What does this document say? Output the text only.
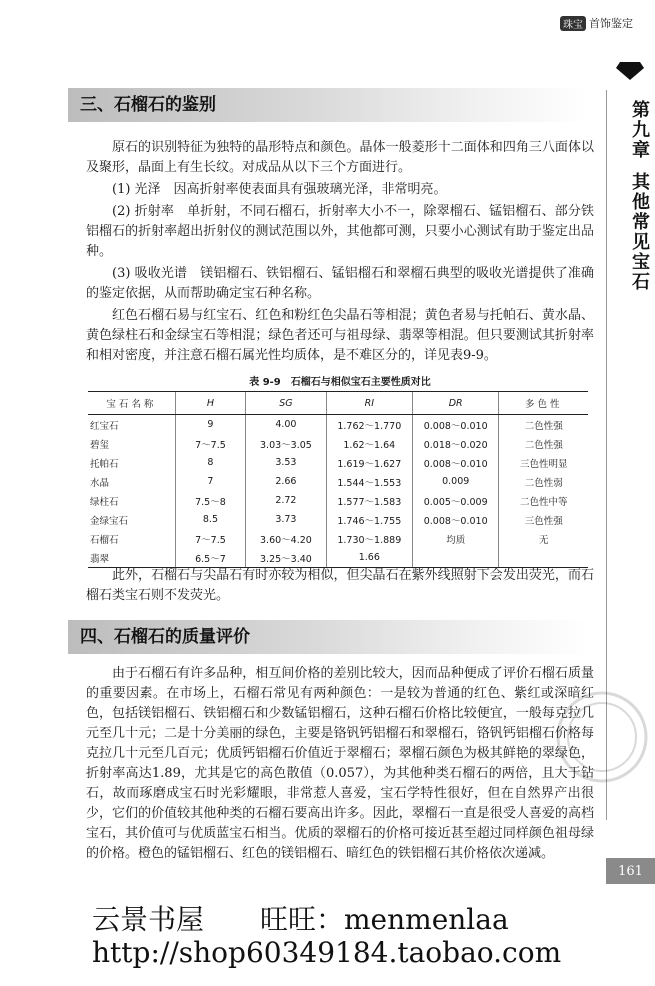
珠宝 首饰鉴定
第九章其他常见宝石
三、石榴石的鉴别

原石的识别特征为独特的晶形特点和颜色。晶体一般菱形十二面体和四角三八面体以及聚形，晶面上有生长纹。对成品从以下三个方面进行。

(1) 光泽　因高折射率使表面具有强玻璃光泽，非常明亮。

(2) 折射率　单折射，不同石榴石，折射率大小不一，除翠榴石、锰铝榴石、部分铁铝榴石的折射率超出折射仪的测试范围以外，其他都可测，只要小心测试有助于鉴定出品种。

(3) 吸收光谱　镁铝榴石、铁铝榴石、锰铝榴石和翠榴石典型的吸收光谱提供了准确的鉴定依据，从而帮助确定宝石种名称。

红色石榴石易与红宝石、红色和粉红色尖晶石等相混；黄色者易与托帕石、黄水晶、黄色绿柱石和金绿宝石等相混；绿色者还可与祖母绿、翡翠等相混。但只要测试其折射率和相对密度，并注意石榴石属光性均质体，是不难区分的，详见表9-9。

表 9-9　石榴石与相似宝石主要性质对比
宝石名称	H	SG	RI	DR	多色性
红宝石	9	4.00	1.762～1.770	0.008～0.010	二色性强
碧玺	7～7.5	3.03～3.05	1.62～1.64	0.018～0.020	二色性强
托帕石	8	3.53	1.619～1.627	0.008～0.010	三色性明显
水晶	7	2.66	1.544～1.553	0.009	二色性弱
绿柱石	7.5～8	2.72	1.577～1.583	0.005～0.009	二色性中等
金绿宝石	8.5	3.73	1.746～1.755	0.008～0.010	三色性强
石榴石	7～7.5	3.60～4.20	1.730～1.889	均质	无
翡翠	6.5～7	3.25～3.40	1.66		

此外，石榴石与尖晶石有时亦较为相似，但尖晶石在紫外线照射下会发出荧光，而石榴石类宝石则不发荧光。

四、石榴石的质量评价

由于石榴石有许多品种，相互间价格的差别比较大，因而品种便成了评价石榴石质量的重要因素。在市场上，石榴石常见有两种颜色：一是较为普通的红色、紫红或深暗红色，包括镁铝榴石、铁铝榴石和少数锰铝榴石，这种石榴石价格比较便宜，一般每克拉几元至几十元；二是十分美丽的绿色，主要是铬钒钙铝榴石和翠榴石，铬钒钙铝榴石价格每克拉几十元至几百元；优质钙铝榴石价值近于翠榴石；翠榴石颜色为极其鲜艳的翠绿色，折射率高达1.89，尤其是它的高色散值（0.057），为其他种类石榴石的两倍，且大于钻石，故而琢磨成宝石时光彩耀眼，非常惹人喜爱，宝石学特性很好，但在自然界产出很少，它们的价值较其他种类的石榴石要高出许多。因此，翠榴石一直是很受人喜爱的高档宝石，其价值可与优质蓝宝石相当。优质的翠榴石的价格可接近甚至超过同样颜色祖母绿的价格。橙色的锰铝榴石、红色的镁铝榴石、暗红色的铁铝榴石其价格依次递减。

161
云景书屋　　旺旺：menmenlaa
http://shop60349184.taobao.com
